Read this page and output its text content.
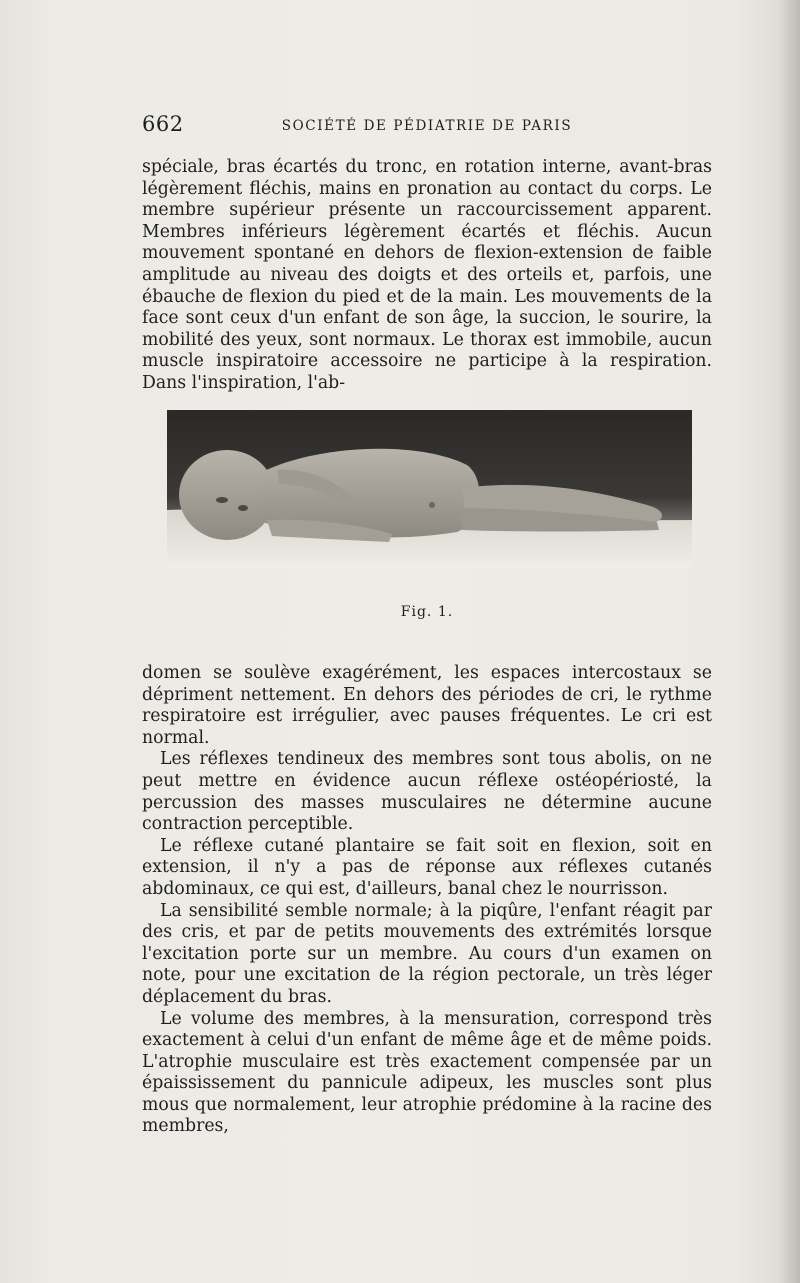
662	SOCIÉTÉ DE PÉDIATRIE DE PARIS

spéciale, bras écartés du tronc, en rotation interne, avant-bras légèrement fléchis, mains en pronation au contact du corps. Le membre supérieur présente un raccourcissement apparent. Membres inférieurs légèrement écartés et fléchis. Aucun mouvement spontané en dehors de flexion-extension de faible amplitude au niveau des doigts et des orteils et, parfois, une ébauche de flexion du pied et de la main. Les mouvements de la face sont ceux d'un enfant de son âge, la succion, le sourire, la mobilité des yeux, sont normaux. Le thorax est immobile, aucun muscle inspiratoire accessoire ne participe à la respiration. Dans l'inspiration, l'ab-

Fig. 1.

domen se soulève exagérément, les espaces intercostaux se dépriment nettement. En dehors des périodes de cri, le rythme respiratoire est irrégulier, avec pauses fréquentes. Le cri est normal.

Les réflexes tendineux des membres sont tous abolis, on ne peut mettre en évidence aucun réflexe ostéopériosté, la percussion des masses musculaires ne détermine aucune contraction perceptible.

Le réflexe cutané plantaire se fait soit en flexion, soit en extension, il n'y a pas de réponse aux réflexes cutanés abdominaux, ce qui est, d'ailleurs, banal chez le nourrisson.

La sensibilité semble normale; à la piqûre, l'enfant réagit par des cris, et par de petits mouvements des extrémités lorsque l'excitation porte sur un membre. Au cours d'un examen on note, pour une excitation de la région pectorale, un très léger déplacement du bras.

Le volume des membres, à la mensuration, correspond très exactement à celui d'un enfant de même âge et de même poids. L'atrophie musculaire est très exactement compensée par un épaississement du pannicule adipeux, les muscles sont plus mous que normalement, leur atrophie prédomine à la racine des membres,
